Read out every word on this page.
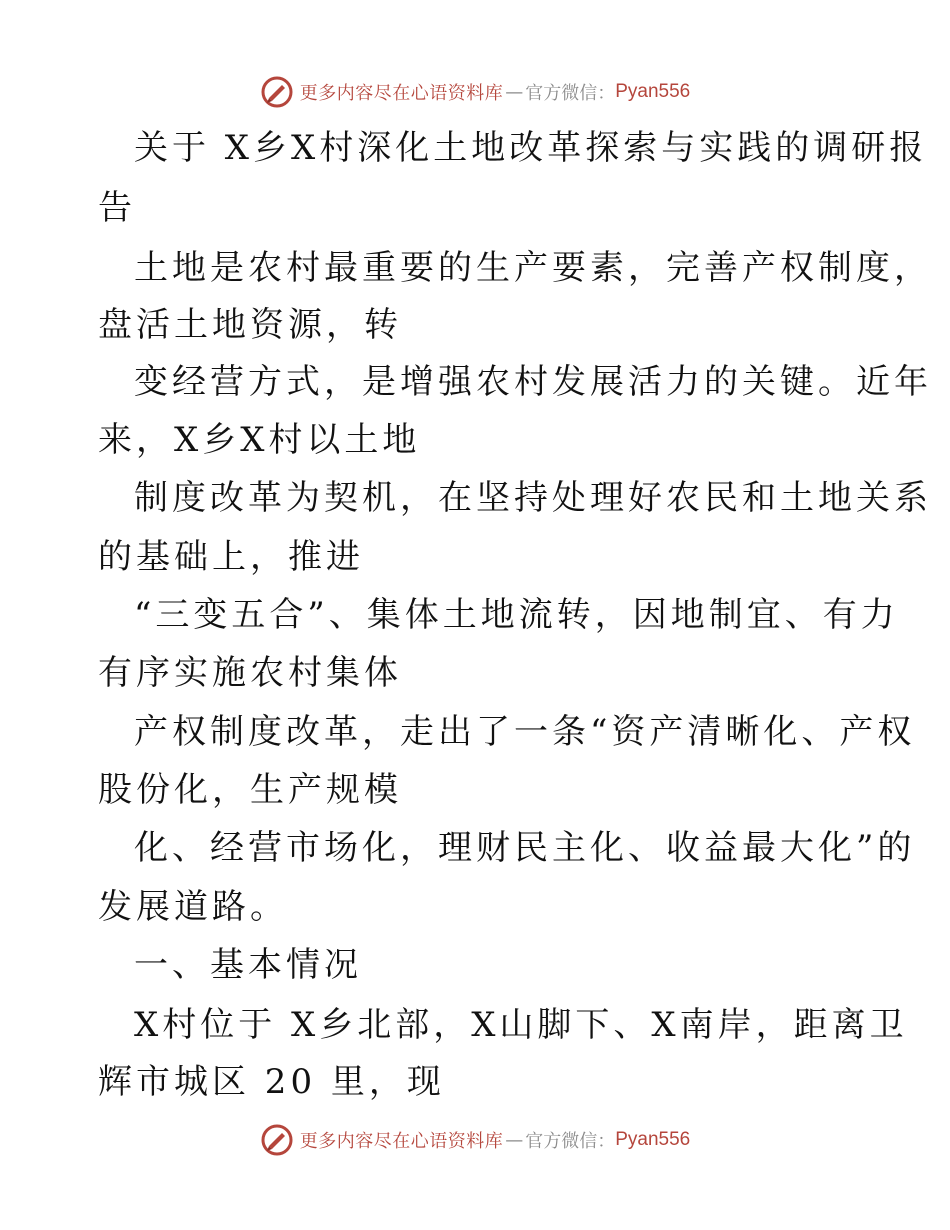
更多内容尽在心语资料库 — 官方微信： Pyan556
关于 X乡X村深化土地改革探索与实践的调研报
告
土地是农村最重要的生产要素，完善产权制度，
盘活土地资源，转
变经营方式，是增强农村发展活力的关键。近年
来，X乡X村以土地
制度改革为契机，在坚持处理好农民和土地关系
的基础上，推进
“三变五合”、集体土地流转，因地制宜、有力
有序实施农村集体
产权制度改革，走出了一条“资产清晰化、产权
股份化，生产规模
化、经营市场化，理财民主化、收益最大化”的
发展道路。
一、基本情况
X村位于 X乡北部，X山脚下、X南岸，距离卫
辉市城区 20 里，现
更多内容尽在心语资料库 — 官方微信： Pyan556
